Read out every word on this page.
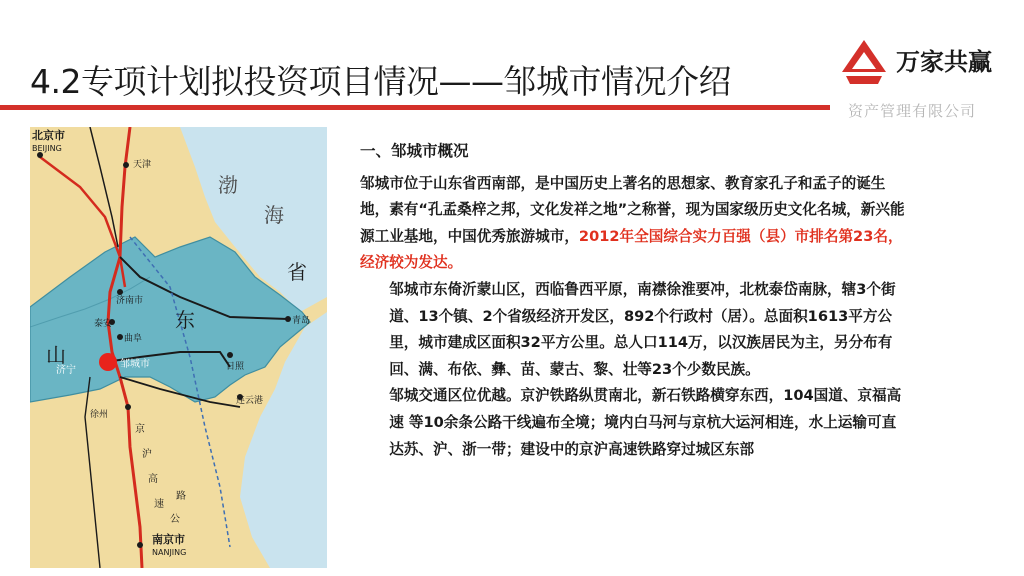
4.2专项计划拟投资项目情况——邹城市情况介绍	万家共赢
资产管理有限公司
北京市
BEIJING
天津
济南市
泰安
曲阜
邹城市
济宁	日照
青岛
连云港
徐州
南京市
NANJING
渤
海
山
东
省
京
沪
高
速
公
路

一、邹城市概况

邹城市位于山东省西南部，是中国历史上著名的思想家、教育家孔子和孟子的诞生地，素有“孔孟桑梓之邦，文化发祥之地”之称誉，现为国家级历史文化名城，新兴能源工业基地，中国优秀旅游城市，2012年全国综合实力百强（县）市排名第23名，经济较为发达。

邹城市东倚沂蒙山区，西临鲁西平原，南襟徐淮要冲，北枕泰岱南脉，辖3个街道、13个镇、2个省级经济开发区，892个行政村（居）。总面积1613平方公里，城市建成区面积32平方公里。总人口114万，以汉族居民为主，另分布有回、满、布依、彝、苗、蒙古、黎、壮等23个少数民族。

邹城交通区位优越。京沪铁路纵贯南北，新石铁路横穿东西，104国道、京福高速 等10余条公路干线遍布全境；境内白马河与京杭大运河相连，水上运输可直达苏、沪、浙一带；建设中的京沪高速铁路穿过城区东部
